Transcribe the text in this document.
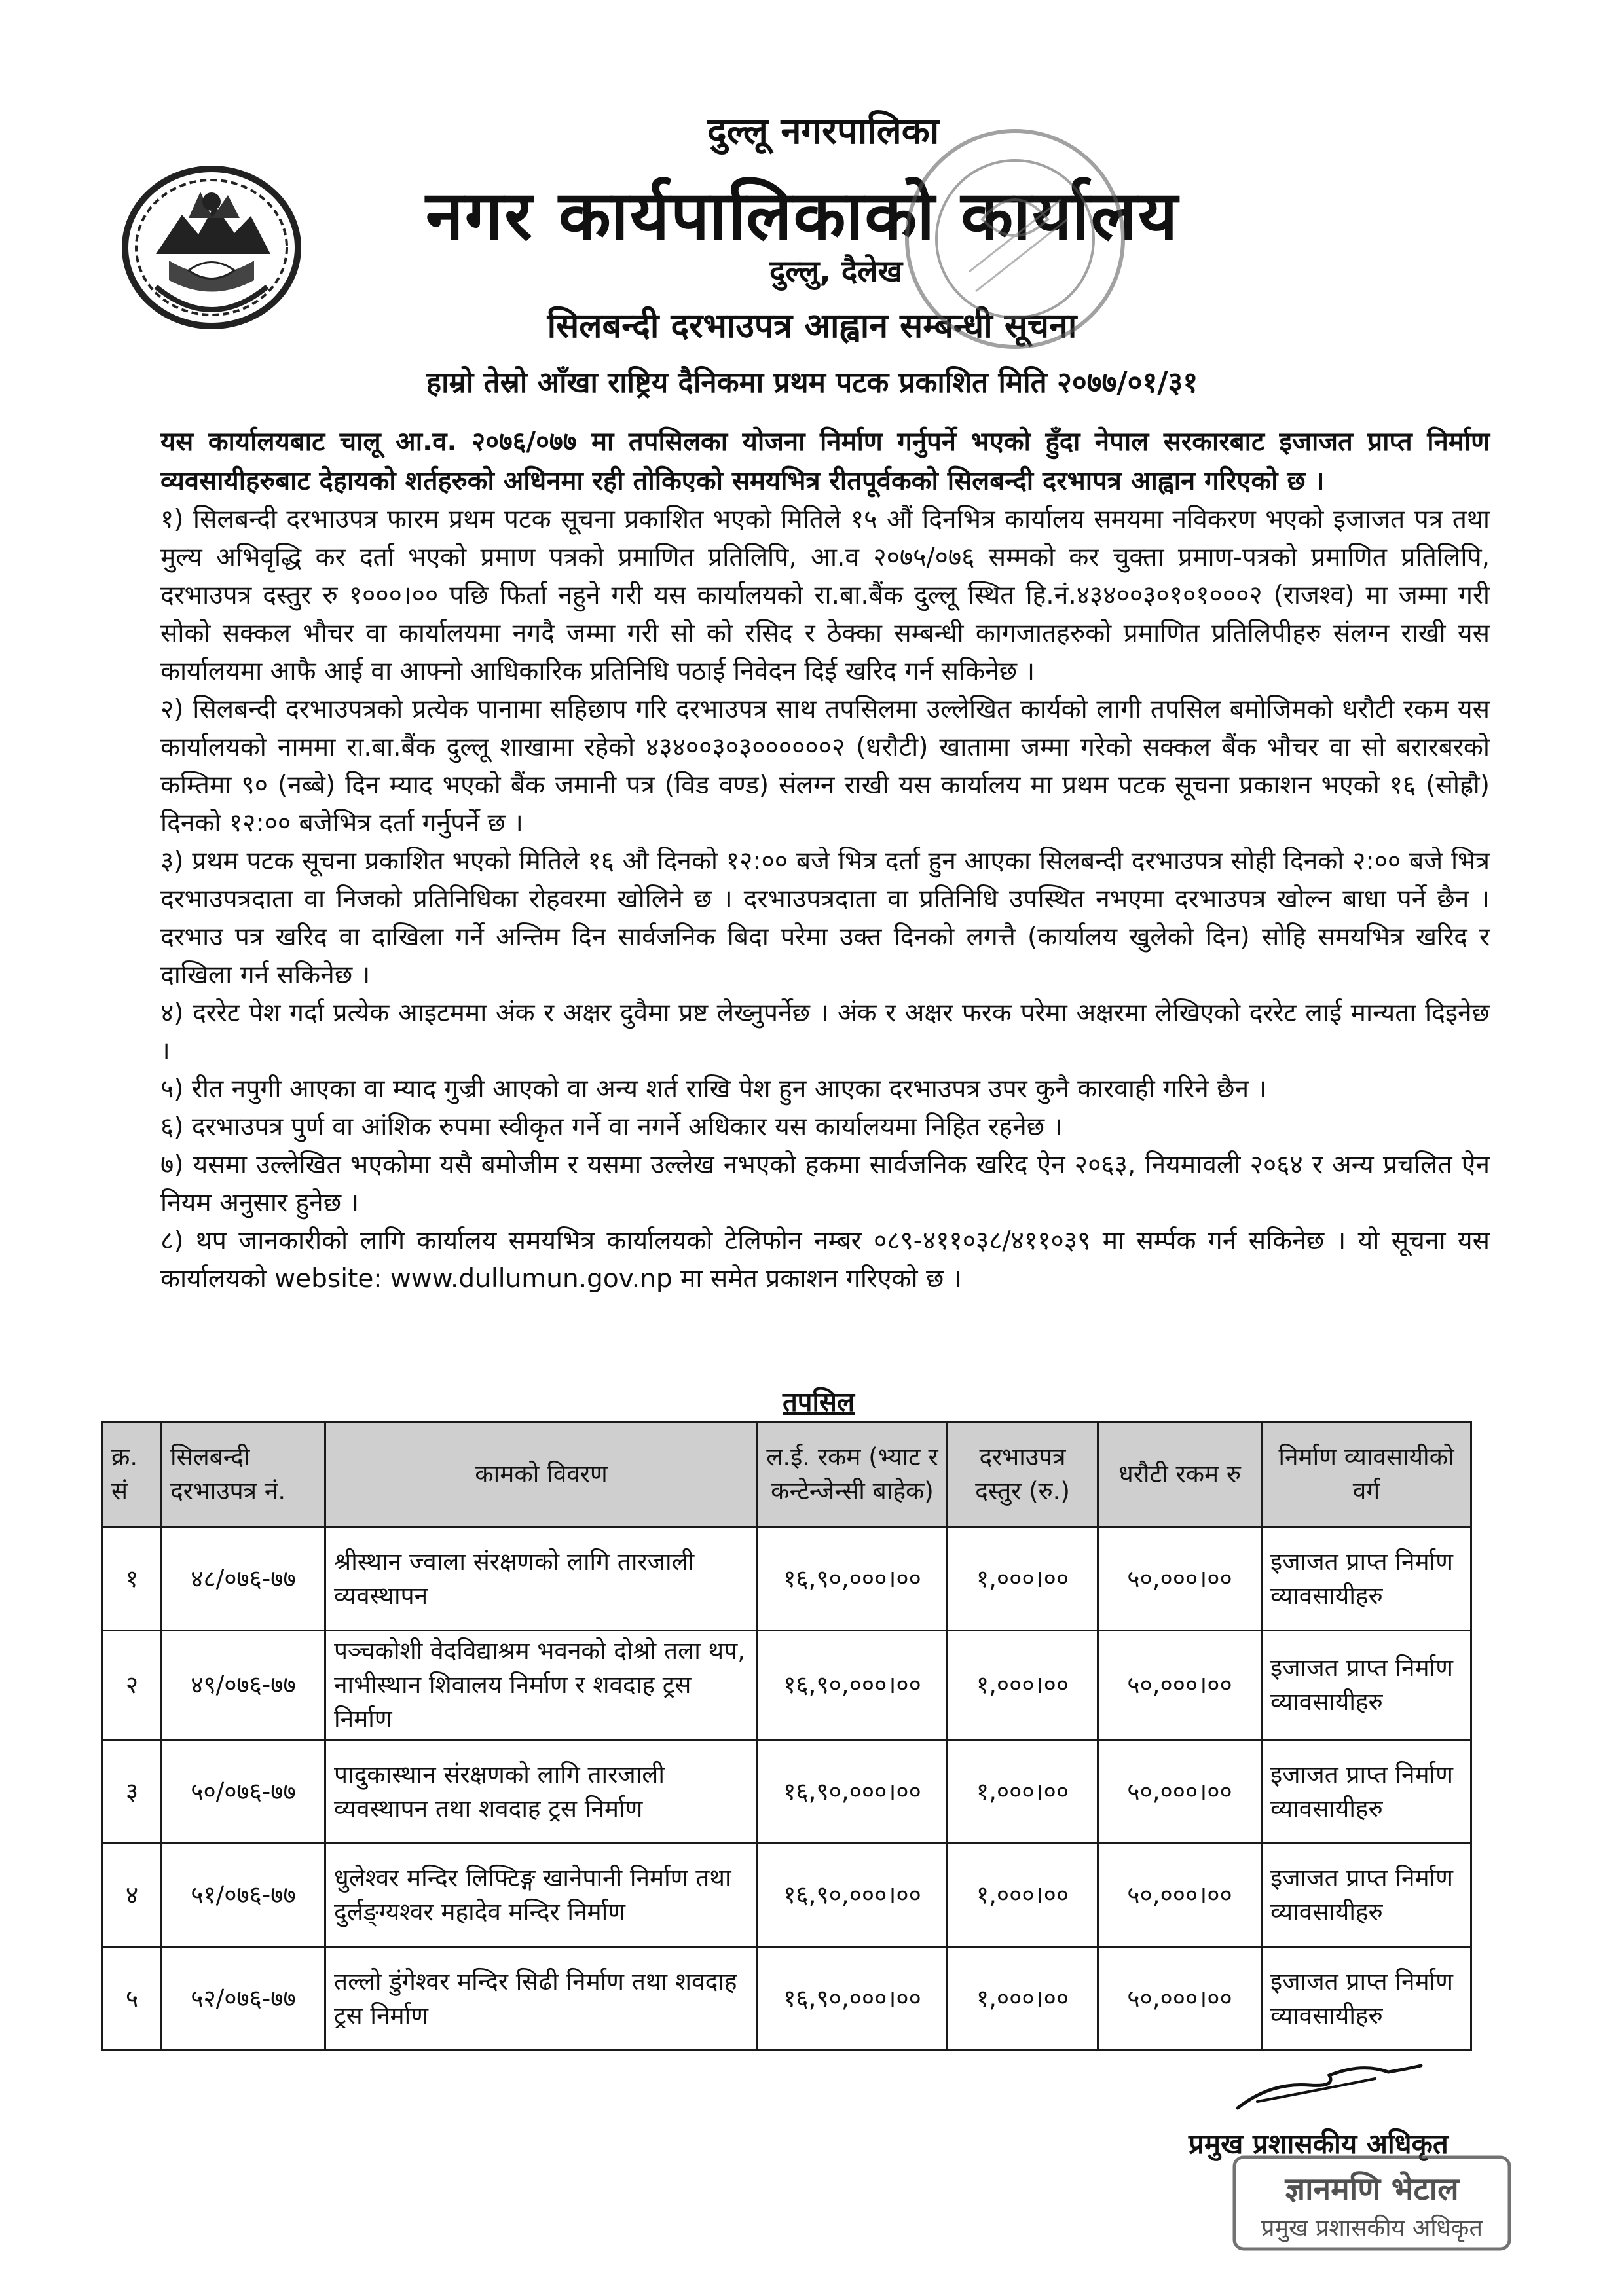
दुल्लू नगरपालिका
नगर कार्यपालिकाको कार्यालय
दुल्लु, दैलेख
सिलबन्दी दरभाउपत्र आह्वान सम्बन्धी सूचना
हाम्रो तेस्रो आँखा राष्ट्रिय दैनिकमा प्रथम पटक प्रकाशित मिति २०७७/०१/३१

यस कार्यालयबाट चालू आ.व. २०७६/०७७ मा तपसिलका योजना निर्माण गर्नुपर्ने भएको हुँदा नेपाल सरकारबाट इजाजत प्राप्त निर्माण व्यवसायीहरुबाट देहायको शर्तहरुको अधिनमा रही तोकिएको समयभित्र रीतपूर्वकको सिलबन्दी दरभापत्र आह्वान गरिएको छ ।

१) सिलबन्दी दरभाउपत्र फारम प्रथम पटक सूचना प्रकाशित भएको मितिले १५ औं दिनभित्र कार्यालय समयमा नविकरण भएको इजाजत पत्र तथा मुल्य अभिवृद्धि कर दर्ता भएको प्रमाण पत्रको प्रमाणित प्रतिलिपि, आ.व २०७५/०७६ सम्मको कर चुक्ता प्रमाण-पत्रको प्रमाणित प्रतिलिपि, दरभाउपत्र दस्तुर रु १०००।०० पछि फिर्ता नहुने गरी यस कार्यालयको रा.बा.बैंक दुल्लू स्थित हि.नं.४३४००३०१०१०००२ (राजश्व) मा जम्मा गरी सोको सक्कल भौचर वा कार्यालयमा नगदै जम्मा गरी सो को रसिद र ठेक्का सम्बन्धी कागजातहरुको प्रमाणित प्रतिलिपीहरु संलग्न राखी यस कार्यालयमा आफै आई वा आफ्नो आधिकारिक प्रतिनिधि पठाई निवेदन दिई खरिद गर्न सकिनेछ ।

२) सिलबन्दी दरभाउपत्रको प्रत्येक पानामा सहिछाप गरि दरभाउपत्र साथ तपसिलमा उल्लेखित कार्यको लागी तपसिल बमोजिमको धरौटी रकम यस कार्यालयको नाममा रा.बा.बैंक दुल्लू शाखामा रहेको ४३४००३०३००००००२ (धरौटी) खातामा जम्मा गरेको सक्कल बैंक भौचर वा सो बरारबरको कम्तिमा ९० (नब्बे) दिन म्याद भएको बैंक जमानी पत्र (विड वण्ड) संलग्न राखी यस कार्यालय मा प्रथम पटक सूचना प्रकाशन भएको १६ (सोह्रौ) दिनको १२:०० बजेभित्र दर्ता गर्नुपर्ने छ ।

३) प्रथम पटक सूचना प्रकाशित भएको मितिले १६ औ दिनको १२:०० बजे भित्र दर्ता हुन आएका सिलबन्दी दरभाउपत्र सोही दिनको २:०० बजे भित्र दरभाउपत्रदाता वा निजको प्रतिनिधिका रोहवरमा खोलिने छ । दरभाउपत्रदाता वा प्रतिनिधि उपस्थित नभएमा दरभाउपत्र खोल्न बाधा पर्ने छैन । दरभाउ पत्र खरिद वा दाखिला गर्ने अन्तिम दिन सार्वजनिक बिदा परेमा उक्त दिनको लगत्तै (कार्यालय खुलेको दिन) सोहि समयभित्र खरिद र दाखिला गर्न सकिनेछ ।

४) दररेट पेश गर्दा प्रत्येक आइटममा अंक र अक्षर दुवैमा प्रष्ट लेख्नुपर्नेछ । अंक र अक्षर फरक परेमा अक्षरमा लेखिएको दररेट लाई मान्यता दिइनेछ ।

५) रीत नपुगी आएका वा म्याद गुज्री आएको वा अन्य शर्त राखि पेश हुन आएका दरभाउपत्र उपर कुनै कारवाही गरिने छैन ।

६) दरभाउपत्र पुर्ण वा आंशिक रुपमा स्वीकृत गर्ने वा नगर्ने अधिकार यस कार्यालयमा निहित रहनेछ ।

७) यसमा उल्लेखित भएकोमा यसै बमोजीम र यसमा उल्लेख नभएको हकमा सार्वजनिक खरिद ऐन २०६३, नियमावली २०६४ र अन्य प्रचलित ऐन नियम अनुसार हुनेछ ।

८) थप जानकारीको लागि कार्यालय समयभित्र कार्यालयको टेलिफोन नम्बर ०८९-४११०३८/४११०३९ मा सर्म्पक गर्न सकिनेछ । यो सूचना यस कार्यालयको website: www.dullumun.gov.np मा समेत प्रकाशन गरिएको छ ।

तपसिल
क्र. सं	सिलबन्दी दरभाउपत्र नं.	कामको विवरण	ल.ई. रकम (भ्याट र कन्टेन्जेन्सी बाहेक)	दरभाउपत्र दस्तुर (रु.)	धरौटी रकम रु	निर्माण व्यावसायीको वर्ग
१	४८/०७६-७७	श्रीस्थान ज्वाला संरक्षणको लागि तारजाली व्यवस्थापन	१६,९०,०००।००	१,०००।००	५०,०००।००	इजाजत प्राप्त निर्माण व्यावसायीहरु
२	४९/०७६-७७	पञ्चकोशी वेदविद्याश्रम भवनको दोश्रो तला थप, नाभीस्थान शिवालय निर्माण र शवदाह ट्रस निर्माण	१६,९०,०००।००	१,०००।००	५०,०००।००	इजाजत प्राप्त निर्माण व्यावसायीहरु
३	५०/०७६-७७	पादुकास्थान संरक्षणको लागि तारजाली व्यवस्थापन तथा शवदाह ट्रस निर्माण	१६,९०,०००।००	१,०००।००	५०,०००।००	इजाजत प्राप्त निर्माण व्यावसायीहरु
४	५१/०७६-७७	धुलेश्वर मन्दिर लिफ्टिङ्ग खानेपानी निर्माण तथा दुर्लङ्ग्यश्वर महादेव मन्दिर निर्माण	१६,९०,०००।००	१,०००।००	५०,०००।००	इजाजत प्राप्त निर्माण व्यावसायीहरु
५	५२/०७६-७७	तल्लो डुंगेश्वर मन्दिर सिढी निर्माण तथा शवदाह ट्रस निर्माण	१६,९०,०००।००	१,०००।००	५०,०००।००	इजाजत प्राप्त निर्माण व्यावसायीहरु
प्रमुख प्रशासकीय अधिकृत
ज्ञानमणि भेटाल
प्रमुख प्रशासकीय अधिकृत
